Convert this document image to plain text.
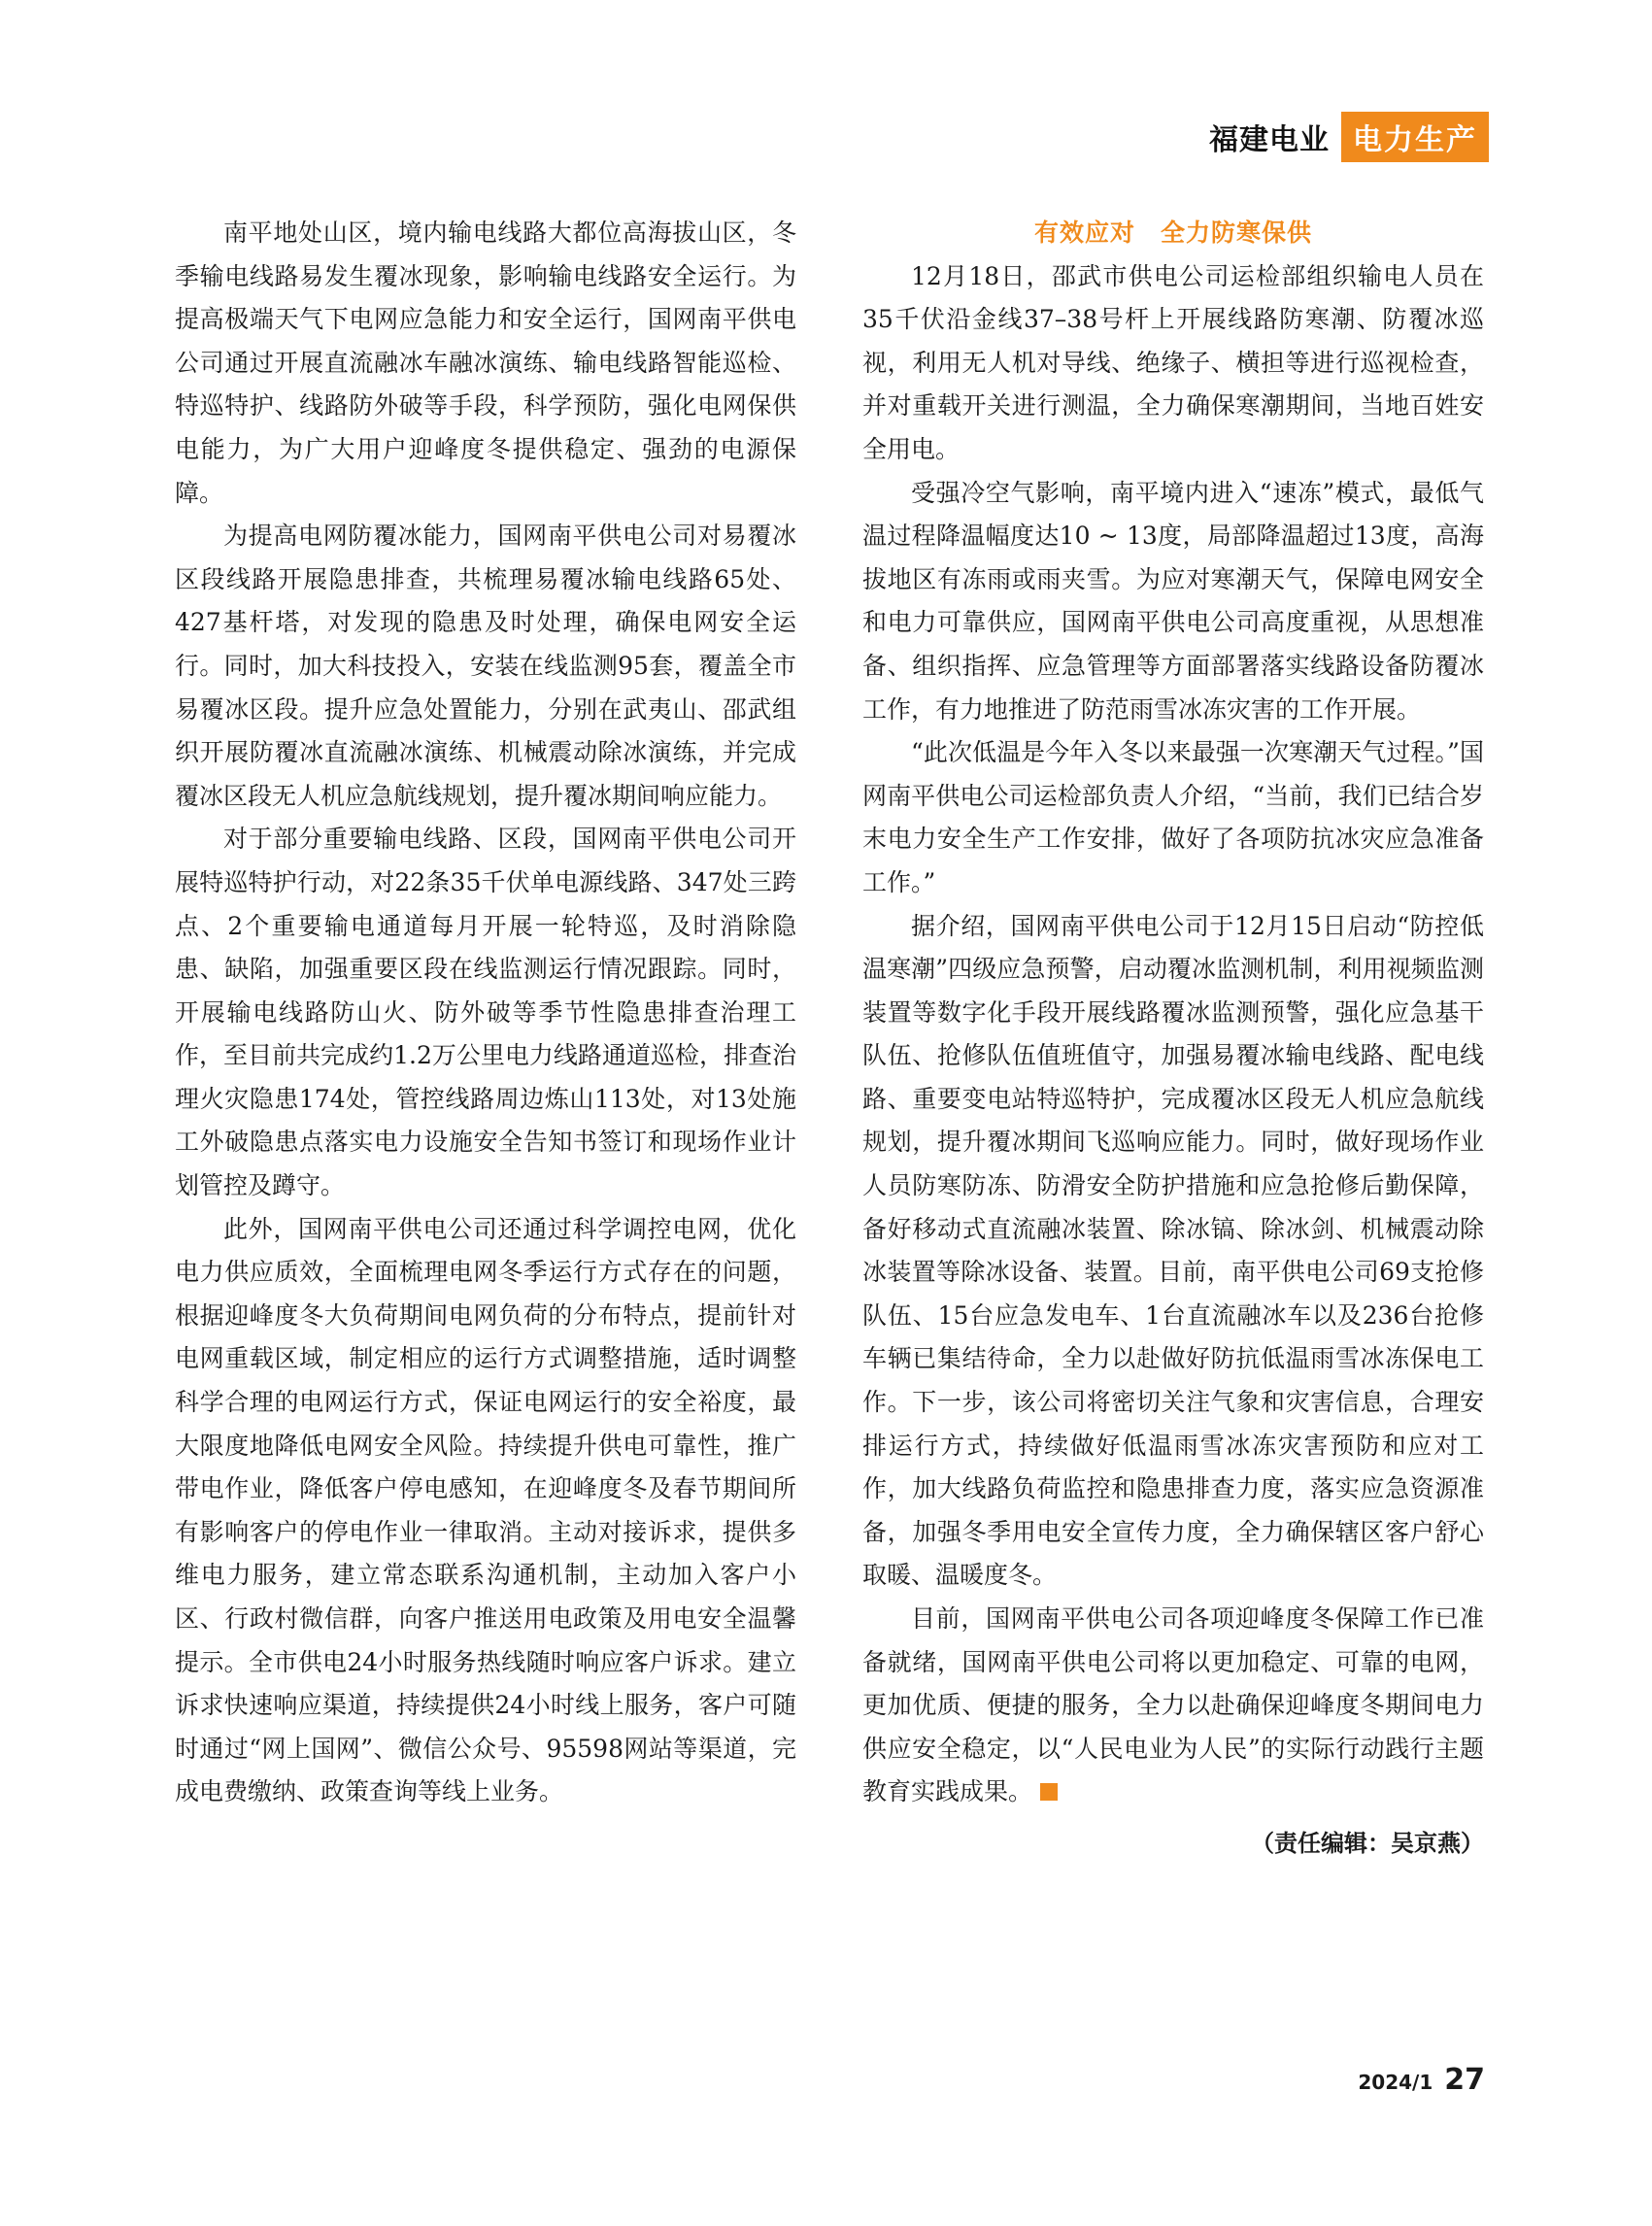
福建电业 电力生产

南平地处山区，境内输电线路大都位高海拔山区，冬季输电线路易发生覆冰现象，影响输电线路安全运行。为提高极端天气下电网应急能力和安全运行，国网南平供电公司通过开展直流融冰车融冰演练、输电线路智能巡检、特巡特护、线路防外破等手段，科学预防，强化电网保供电能力，为广大用户迎峰度冬提供稳定、强劲的电源保障。

为提高电网防覆冰能力，国网南平供电公司对易覆冰区段线路开展隐患排查，共梳理易覆冰输电线路65处、427基杆塔，对发现的隐患及时处理，确保电网安全运行。同时，加大科技投入，安装在线监测95套，覆盖全市易覆冰区段。提升应急处置能力，分别在武夷山、邵武组织开展防覆冰直流融冰演练、机械震动除冰演练，并完成覆冰区段无人机应急航线规划，提升覆冰期间响应能力。

对于部分重要输电线路、区段，国网南平供电公司开展特巡特护行动，对22条35千伏单电源线路、347处三跨点、2个重要输电通道每月开展一轮特巡，及时消除隐患、缺陷，加强重要区段在线监测运行情况跟踪。同时，开展输电线路防山火、防外破等季节性隐患排查治理工作，至目前共完成约1.2万公里电力线路通道巡检，排查治理火灾隐患174处，管控线路周边炼山113处，对13处施工外破隐患点落实电力设施安全告知书签订和现场作业计划管控及蹲守。

此外，国网南平供电公司还通过科学调控电网，优化电力供应质效，全面梳理电网冬季运行方式存在的问题，根据迎峰度冬大负荷期间电网负荷的分布特点，提前针对电网重载区域，制定相应的运行方式调整措施，适时调整科学合理的电网运行方式，保证电网运行的安全裕度，最大限度地降低电网安全风险。持续提升供电可靠性，推广带电作业，降低客户停电感知，在迎峰度冬及春节期间所有影响客户的停电作业一律取消。主动对接诉求，提供多维电力服务，建立常态联系沟通机制，主动加入客户小区、行政村微信群，向客户推送用电政策及用电安全温馨提示。全市供电24小时服务热线随时响应客户诉求。建立诉求快速响应渠道，持续提供24小时线上服务，客户可随时通过“网上国网”、微信公众号、95598网站等渠道，完成电费缴纳、政策查询等线上业务。

有效应对　全力防寒保供

12月18日，邵武市供电公司运检部组织输电人员在35千伏沿金线37–38号杆上开展线路防寒潮、防覆冰巡视，利用无人机对导线、绝缘子、横担等进行巡视检查，并对重载开关进行测温，全力确保寒潮期间，当地百姓安全用电。

受强冷空气影响，南平境内进入“速冻”模式，最低气温过程降温幅度达10 ~ 13度，局部降温超过13度，高海拔地区有冻雨或雨夹雪。为应对寒潮天气，保障电网安全和电力可靠供应，国网南平供电公司高度重视，从思想准备、组织指挥、应急管理等方面部署落实线路设备防覆冰工作，有力地推进了防范雨雪冰冻灾害的工作开展。

“此次低温是今年入冬以来最强一次寒潮天气过程。”国网南平供电公司运检部负责人介绍，“当前，我们已结合岁末电力安全生产工作安排，做好了各项防抗冰灾应急准备工作。”

据介绍，国网南平供电公司于12月15日启动“防控低温寒潮”四级应急预警，启动覆冰监测机制，利用视频监测装置等数字化手段开展线路覆冰监测预警，强化应急基干队伍、抢修队伍值班值守，加强易覆冰输电线路、配电线路、重要变电站特巡特护，完成覆冰区段无人机应急航线规划，提升覆冰期间飞巡响应能力。同时，做好现场作业人员防寒防冻、防滑安全防护措施和应急抢修后勤保障，备好移动式直流融冰装置、除冰镐、除冰剑、机械震动除冰装置等除冰设备、装置。目前，南平供电公司69支抢修队伍、15台应急发电车、1台直流融冰车以及236台抢修车辆已集结待命，全力以赴做好防抗低温雨雪冰冻保电工作。下一步，该公司将密切关注气象和灾害信息，合理安排运行方式，持续做好低温雨雪冰冻灾害预防和应对工作，加大线路负荷监控和隐患排查力度，落实应急资源准备，加强冬季用电安全宣传力度，全力确保辖区客户舒心取暖、温暖度冬。

目前，国网南平供电公司各项迎峰度冬保障工作已准备就绪，国网南平供电公司将以更加稳定、可靠的电网，更加优质、便捷的服务，全力以赴确保迎峰度冬期间电力供应安全稳定，以“人民电业为人民”的实际行动践行主题教育实践成果。

（责任编辑：吴京燕）

2024/1 27
